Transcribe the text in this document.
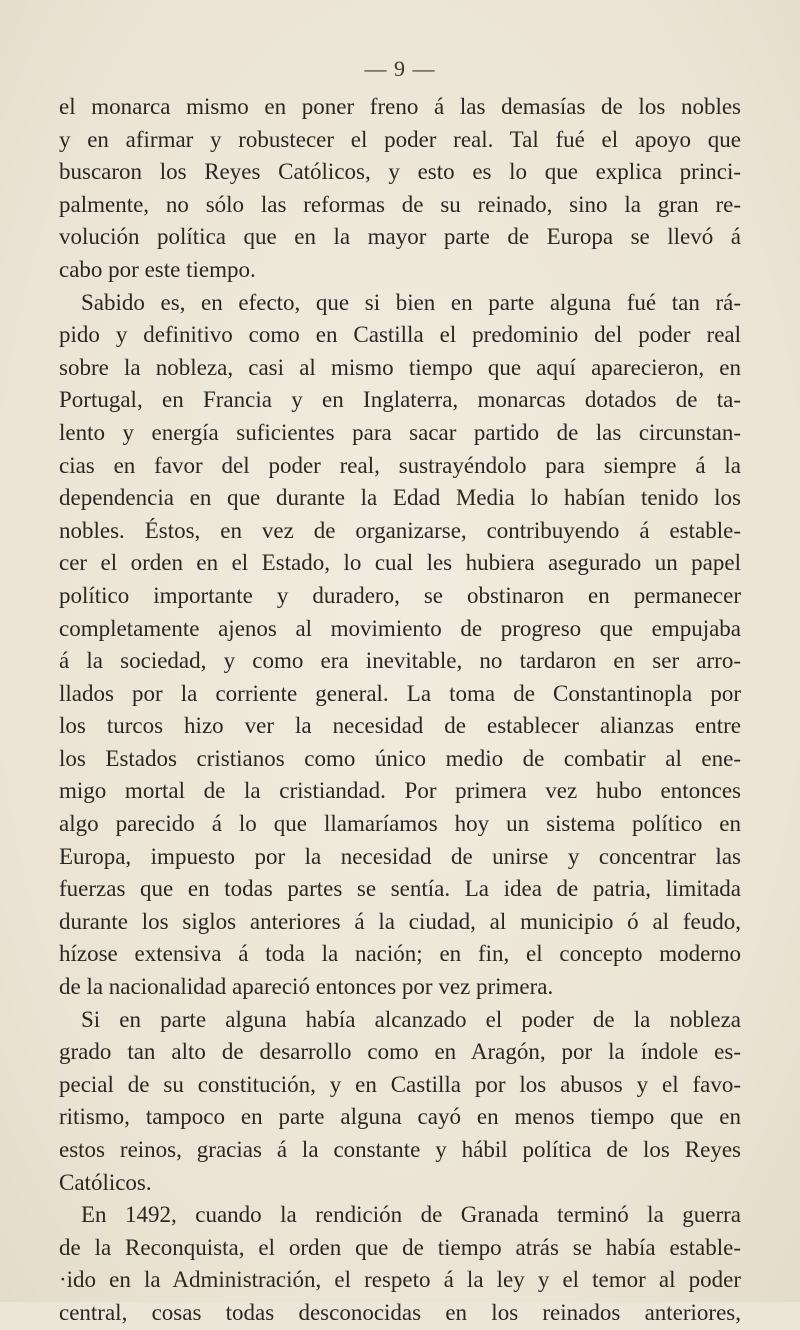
— 9 —
el monarca mismo en poner freno á las demasías de los nobles
y en afirmar y robustecer el poder real. Tal fué el apoyo que
buscaron los Reyes Católicos, y esto es lo que explica princi-
palmente, no sólo las reformas de su reinado, sino la gran re-
volución política que en la mayor parte de Europa se llevó á
cabo por este tiempo.
Sabido es, en efecto, que si bien en parte alguna fué tan rá-
pido y definitivo como en Castilla el predominio del poder real
sobre la nobleza, casi al mismo tiempo que aquí aparecieron, en
Portugal, en Francia y en Inglaterra, monarcas dotados de ta-
lento y energía suficientes para sacar partido de las circunstan-
cias en favor del poder real, sustrayéndolo para siempre á la
dependencia en que durante la Edad Media lo habían tenido los
nobles. Éstos, en vez de organizarse, contribuyendo á estable-
cer el orden en el Estado, lo cual les hubiera asegurado un papel
político importante y duradero, se obstinaron en permanecer
completamente ajenos al movimiento de progreso que empujaba
á la sociedad, y como era inevitable, no tardaron en ser arro-
llados por la corriente general. La toma de Constantinopla por
los turcos hizo ver la necesidad de establecer alianzas entre
los Estados cristianos como único medio de combatir al ene-
migo mortal de la cristiandad. Por primera vez hubo entonces
algo parecido á lo que llamaríamos hoy un sistema político en
Europa, impuesto por la necesidad de unirse y concentrar las
fuerzas que en todas partes se sentía. La idea de patria, limitada
durante los siglos anteriores á la ciudad, al municipio ó al feudo,
hízose extensiva á toda la nación; en fin, el concepto moderno
de la nacionalidad apareció entonces por vez primera.
Si en parte alguna había alcanzado el poder de la nobleza
grado tan alto de desarrollo como en Aragón, por la índole es-
pecial de su constitución, y en Castilla por los abusos y el favo-
ritismo, tampoco en parte alguna cayó en menos tiempo que en
estos reinos, gracias á la constante y hábil política de los Reyes
Católicos.
En 1492, cuando la rendición de Granada terminó la guerra
de la Reconquista, el orden que de tiempo atrás se había estable-
·ido en la Administración, el respeto á la ley y el temor al poder
central, cosas todas desconocidas en los reinados anteriores,
